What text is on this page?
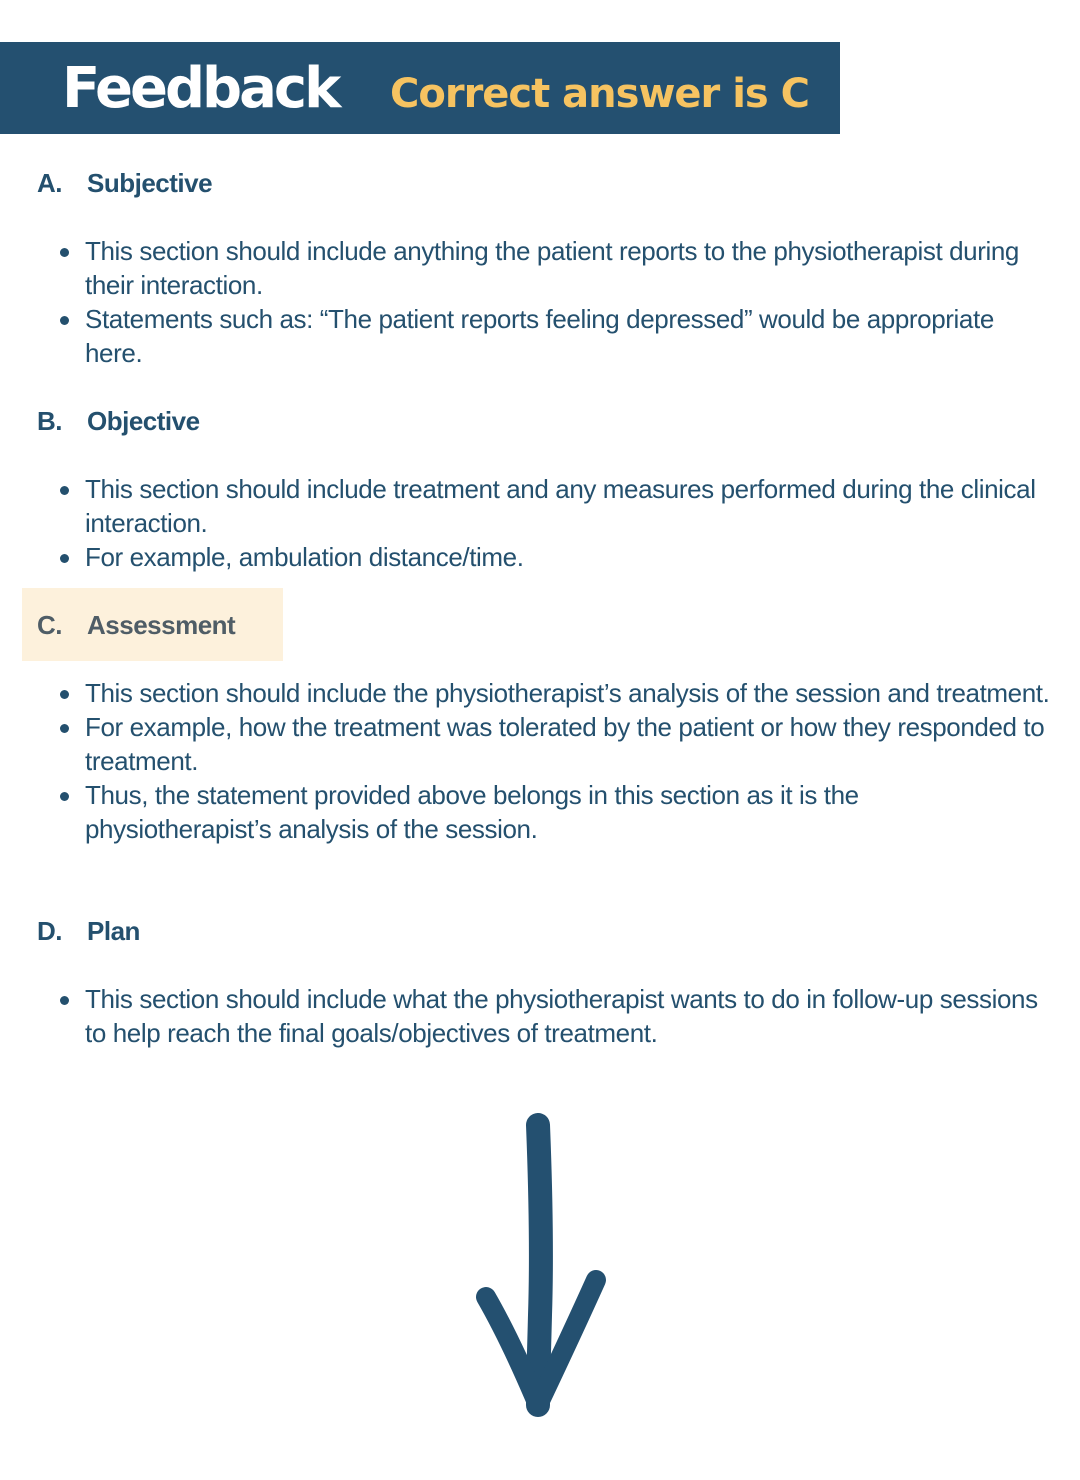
Feedback Correct answer is C
A. Subjective
This section should include anything the patient reports to the physiotherapist during their interaction.
Statements such as: “The patient reports feeling depressed” would be appropriate here.
B. Objective
This section should include treatment and any measures performed during the clinical interaction.
For example, ambulation distance/time.
C. Assessment
This section should include the physiotherapist’s analysis of the session and treatment.
For example, how the treatment was tolerated by the patient or how they responded to treatment.
Thus, the statement provided above belongs in this section as it is the physiotherapist’s analysis of the session.
D. Plan
This section should include what the physiotherapist wants to do in follow-up sessions to help reach the final goals/objectives of treatment.
